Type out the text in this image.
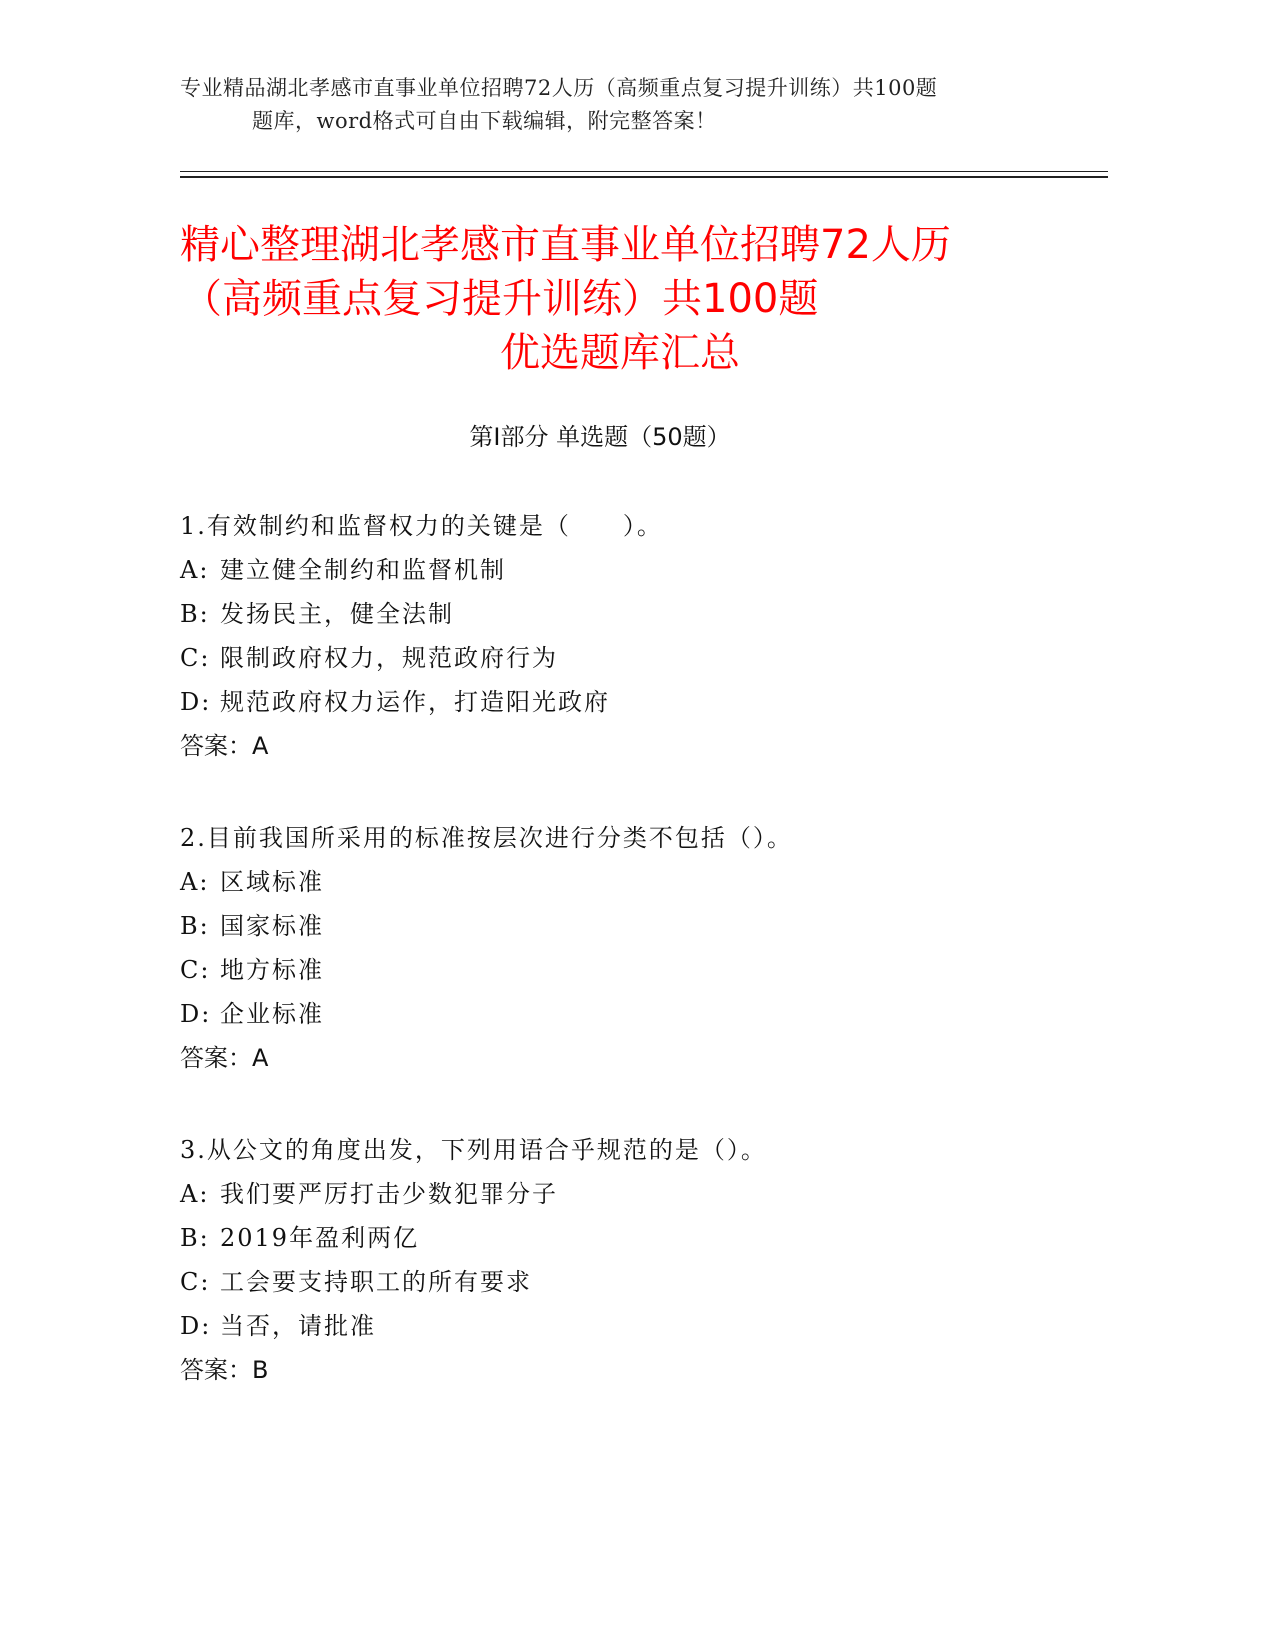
专业精品湖北孝感市直事业单位招聘72人历（高频重点复习提升训练）共100题
题库，word格式可自由下载编辑，附完整答案！
精心整理湖北孝感市直事业单位招聘72人历
（高频重点复习提升训练）共100题
优选题库汇总
第Ⅰ部分 单选题（50题）
1.有效制约和监督权力的关键是（　　）。
A: 建立健全制约和监督机制
B: 发扬民主，健全法制
C: 限制政府权力，规范政府行为
D: 规范政府权力运作，打造阳光政府
答案：A
2.目前我国所采用的标准按层次进行分类不包括（）。
A: 区域标准
B: 国家标准
C: 地方标准
D: 企业标准
答案：A
3.从公文的角度出发，下列用语合乎规范的是（）。
A: 我们要严厉打击少数犯罪分子
B: 2019年盈利两亿
C: 工会要支持职工的所有要求
D: 当否，请批准
答案：B
